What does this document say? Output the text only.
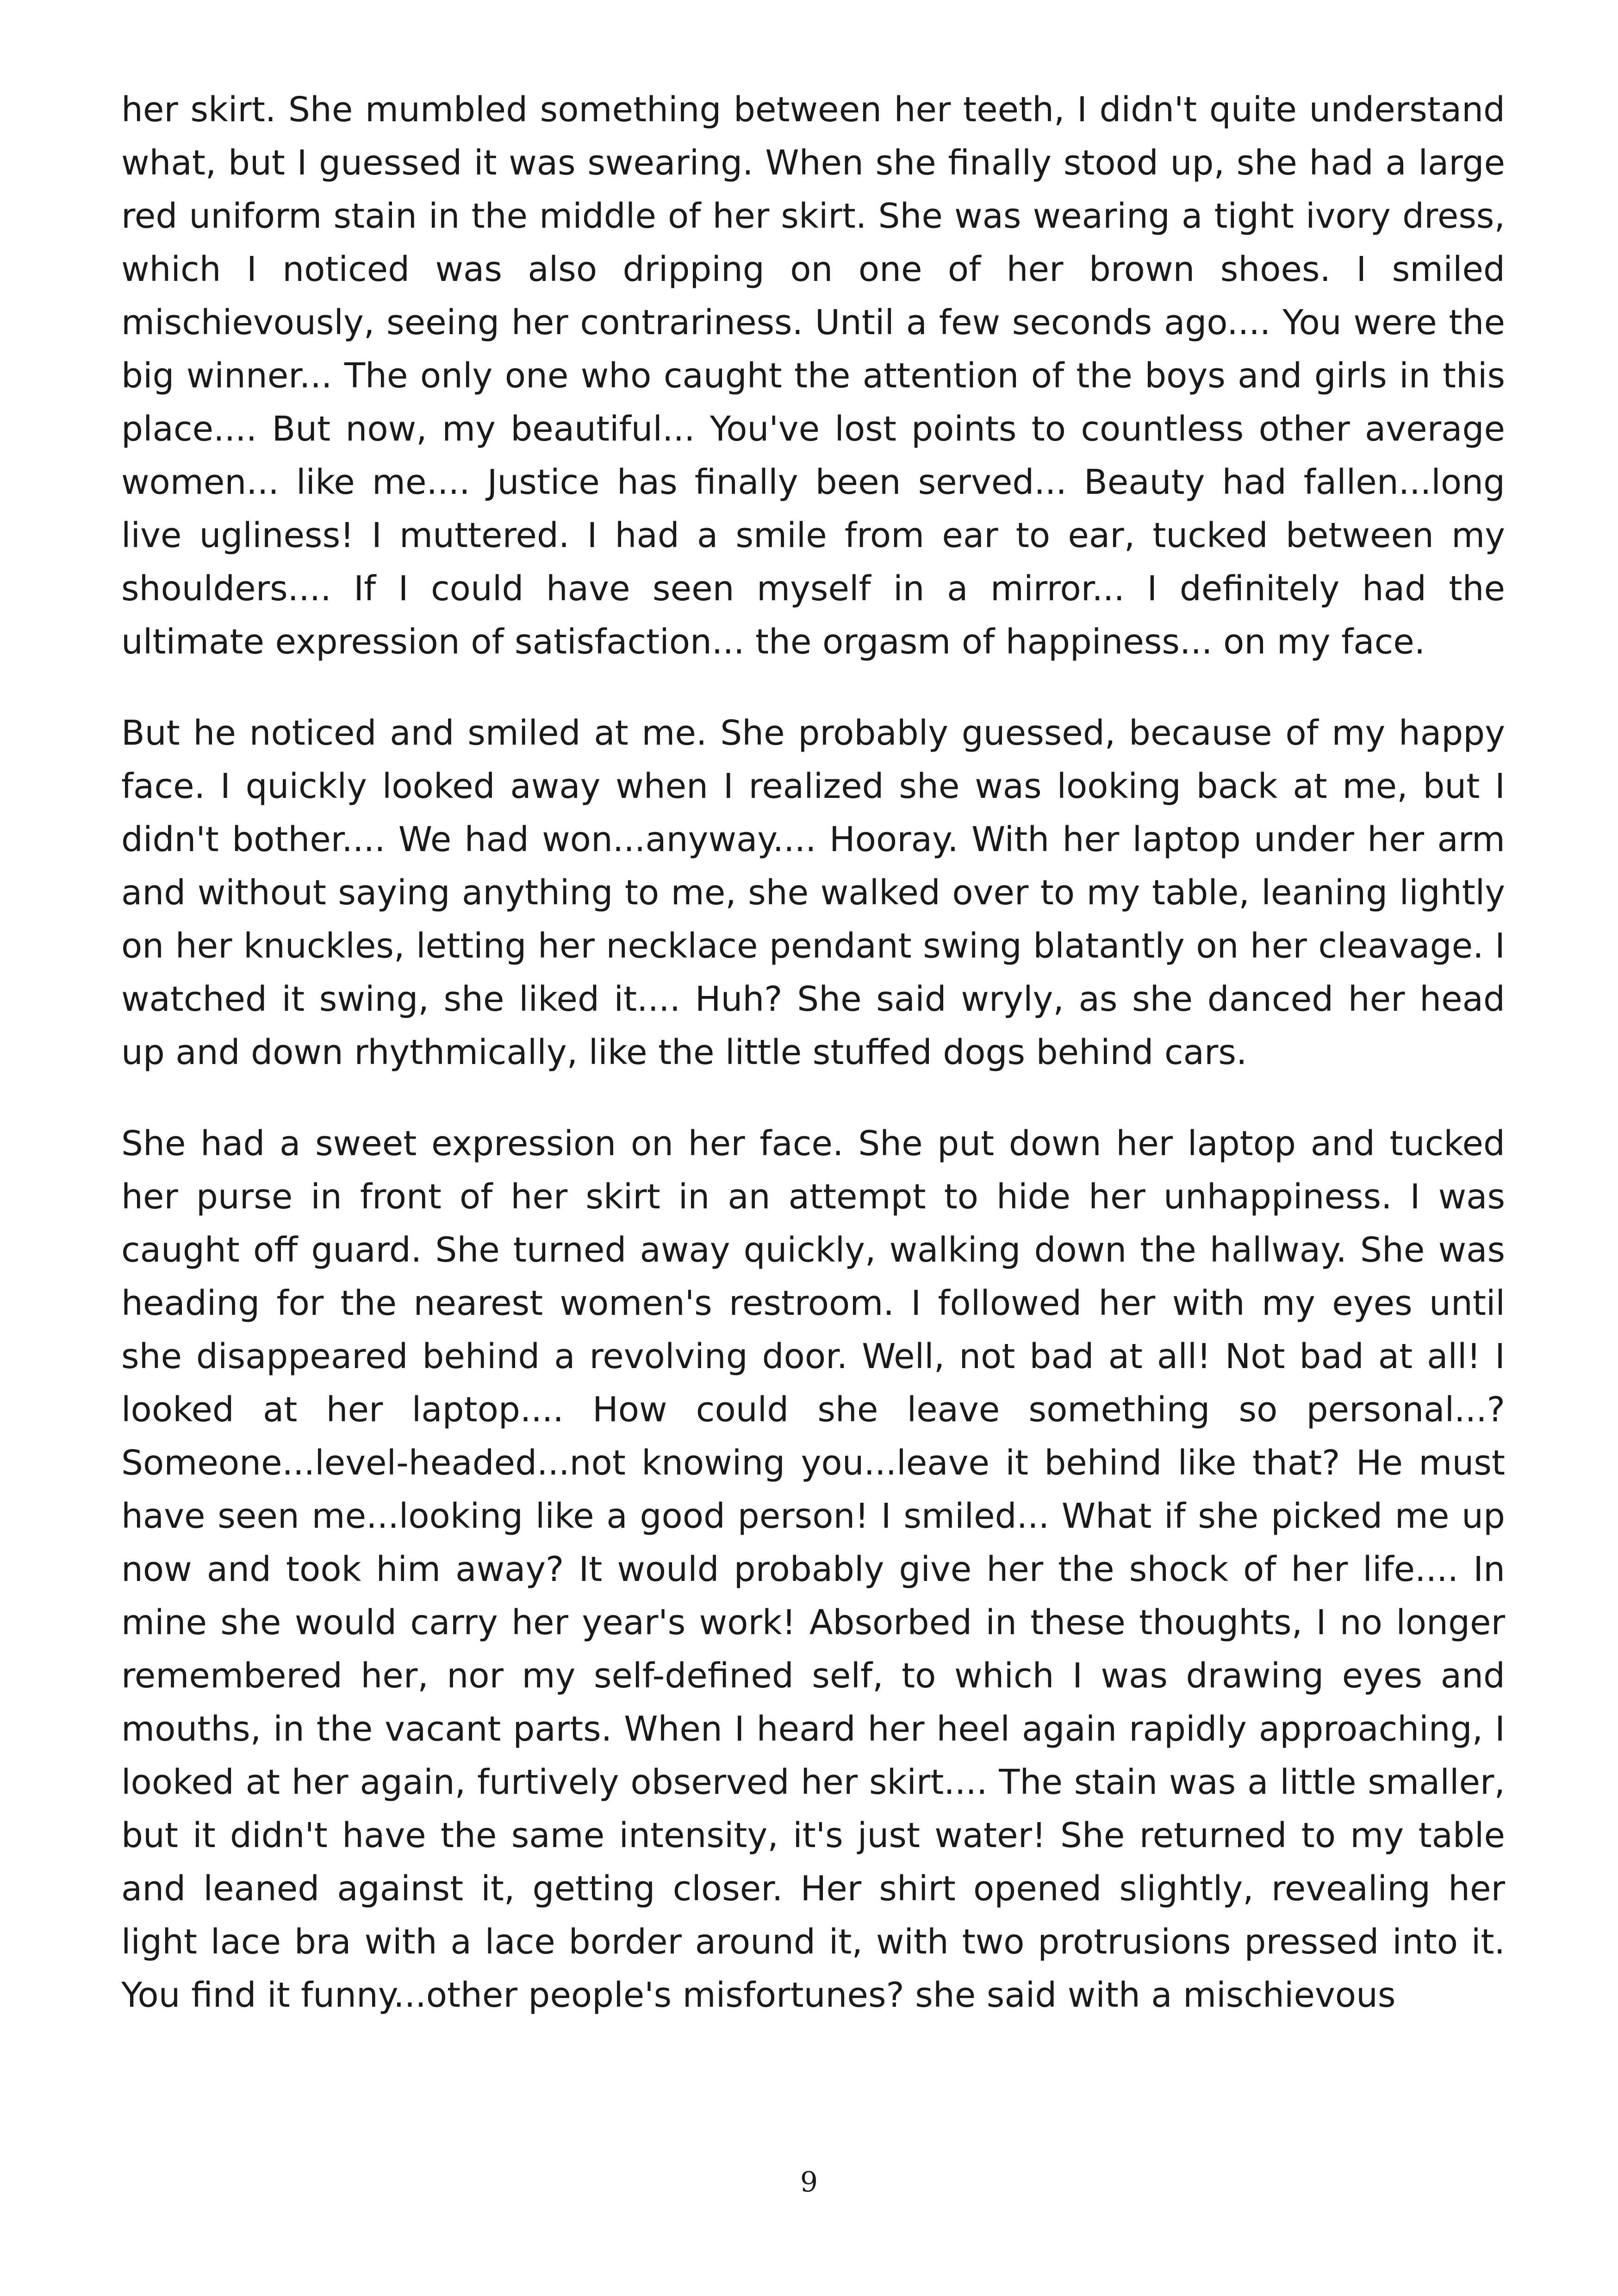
her skirt. She mumbled something between her teeth, I didn't quite understand what, but I guessed it was swearing. When she finally stood up, she had a large red uniform stain in the middle of her skirt. She was wearing a tight ivory dress, which I noticed was also dripping on one of her brown shoes. I smiled mischievously, seeing her contrariness. Until a few seconds ago.... You were the big winner... The only one who caught the attention of the boys and girls in this place.... But now, my beautiful... You've lost points to countless other average women... like me.... Justice has finally been served... Beauty had fallen...long live ugliness! I muttered. I had a smile from ear to ear, tucked between my shoulders.... If I could have seen myself in a mirror... I definitely had the ultimate expression of satisfaction... the orgasm of happiness... on my face.

But he noticed and smiled at me. She probably guessed, because of my happy face. I quickly looked away when I realized she was looking back at me, but I didn't bother.... We had won...anyway.... Hooray. With her laptop under her arm and without saying anything to me, she walked over to my table, leaning lightly on her knuckles, letting her necklace pendant swing blatantly on her cleavage. I watched it swing, she liked it.... Huh? She said wryly, as she danced her head up and down rhythmically, like the little stuffed dogs behind cars.

She had a sweet expression on her face. She put down her laptop and tucked her purse in front of her skirt in an attempt to hide her unhappiness. I was caught off guard. She turned away quickly, walking down the hallway. She was heading for the nearest women's restroom. I followed her with my eyes until she disappeared behind a revolving door. Well, not bad at all! Not bad at all! I looked at her laptop.... How could she leave something so personal...? Someone...level-headed...not knowing you...leave it behind like that? He must have seen me...looking like a good person! I smiled... What if she picked me up now and took him away? It would probably give her the shock of her life.... In mine she would carry her year's work! Absorbed in these thoughts, I no longer remembered her, nor my self-defined self, to which I was drawing eyes and mouths, in the vacant parts. When I heard her heel again rapidly approaching, I looked at her again, furtively observed her skirt.... The stain was a little smaller, but it didn't have the same intensity, it's just water! She returned to my table and leaned against it, getting closer. Her shirt opened slightly, revealing her light lace bra with a lace border around it, with two protrusions pressed into it. You find it funny...other people's misfortunes? she said with a mischievous

9
